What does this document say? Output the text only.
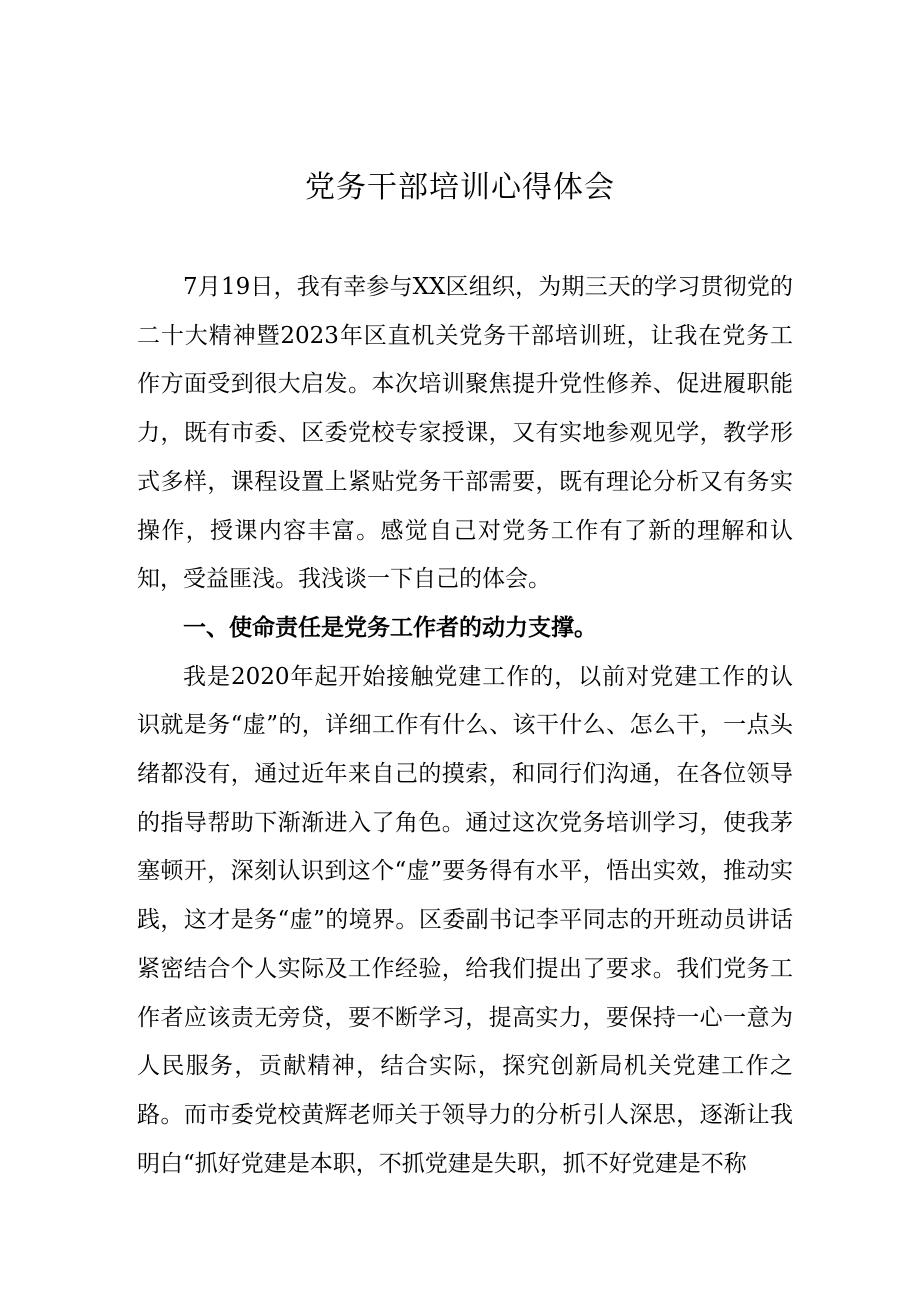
党务干部培训心得体会

7月19日，我有幸参与XX区组织，为期三天的学习贯彻党的二十大精神暨2023年区直机关党务干部培训班，让我在党务工作方面受到很大启发。本次培训聚焦提升党性修养、促进履职能力，既有市委、区委党校专家授课，又有实地参观见学，教学形式多样，课程设置上紧贴党务干部需要，既有理论分析又有务实操作，授课内容丰富。感觉自己对党务工作有了新的理解和认知，受益匪浅。我浅谈一下自己的体会。

一、使命责任是党务工作者的动力支撑。

我是2020年起开始接触党建工作的，以前对党建工作的认识就是务“虚”的，详细工作有什么、该干什么、怎么干，一点头绪都没有，通过近年来自己的摸索，和同行们沟通，在各位领导的指导帮助下渐渐进入了角色。通过这次党务培训学习，使我茅塞顿开，深刻认识到这个“虚”要务得有水平，悟出实效，推动实践，这才是务“虚”的境界。区委副书记李平同志的开班动员讲话紧密结合个人实际及工作经验，给我们提出了要求。我们党务工作者应该责无旁贷，要不断学习，提高实力，要保持一心一意为人民服务，贡献精神，结合实际，探究创新局机关党建工作之路。而市委党校黄辉老师关于领导力的分析引人深思，逐渐让我明白“抓好党建是本职，不抓党建是失职，抓不好党建是不称
